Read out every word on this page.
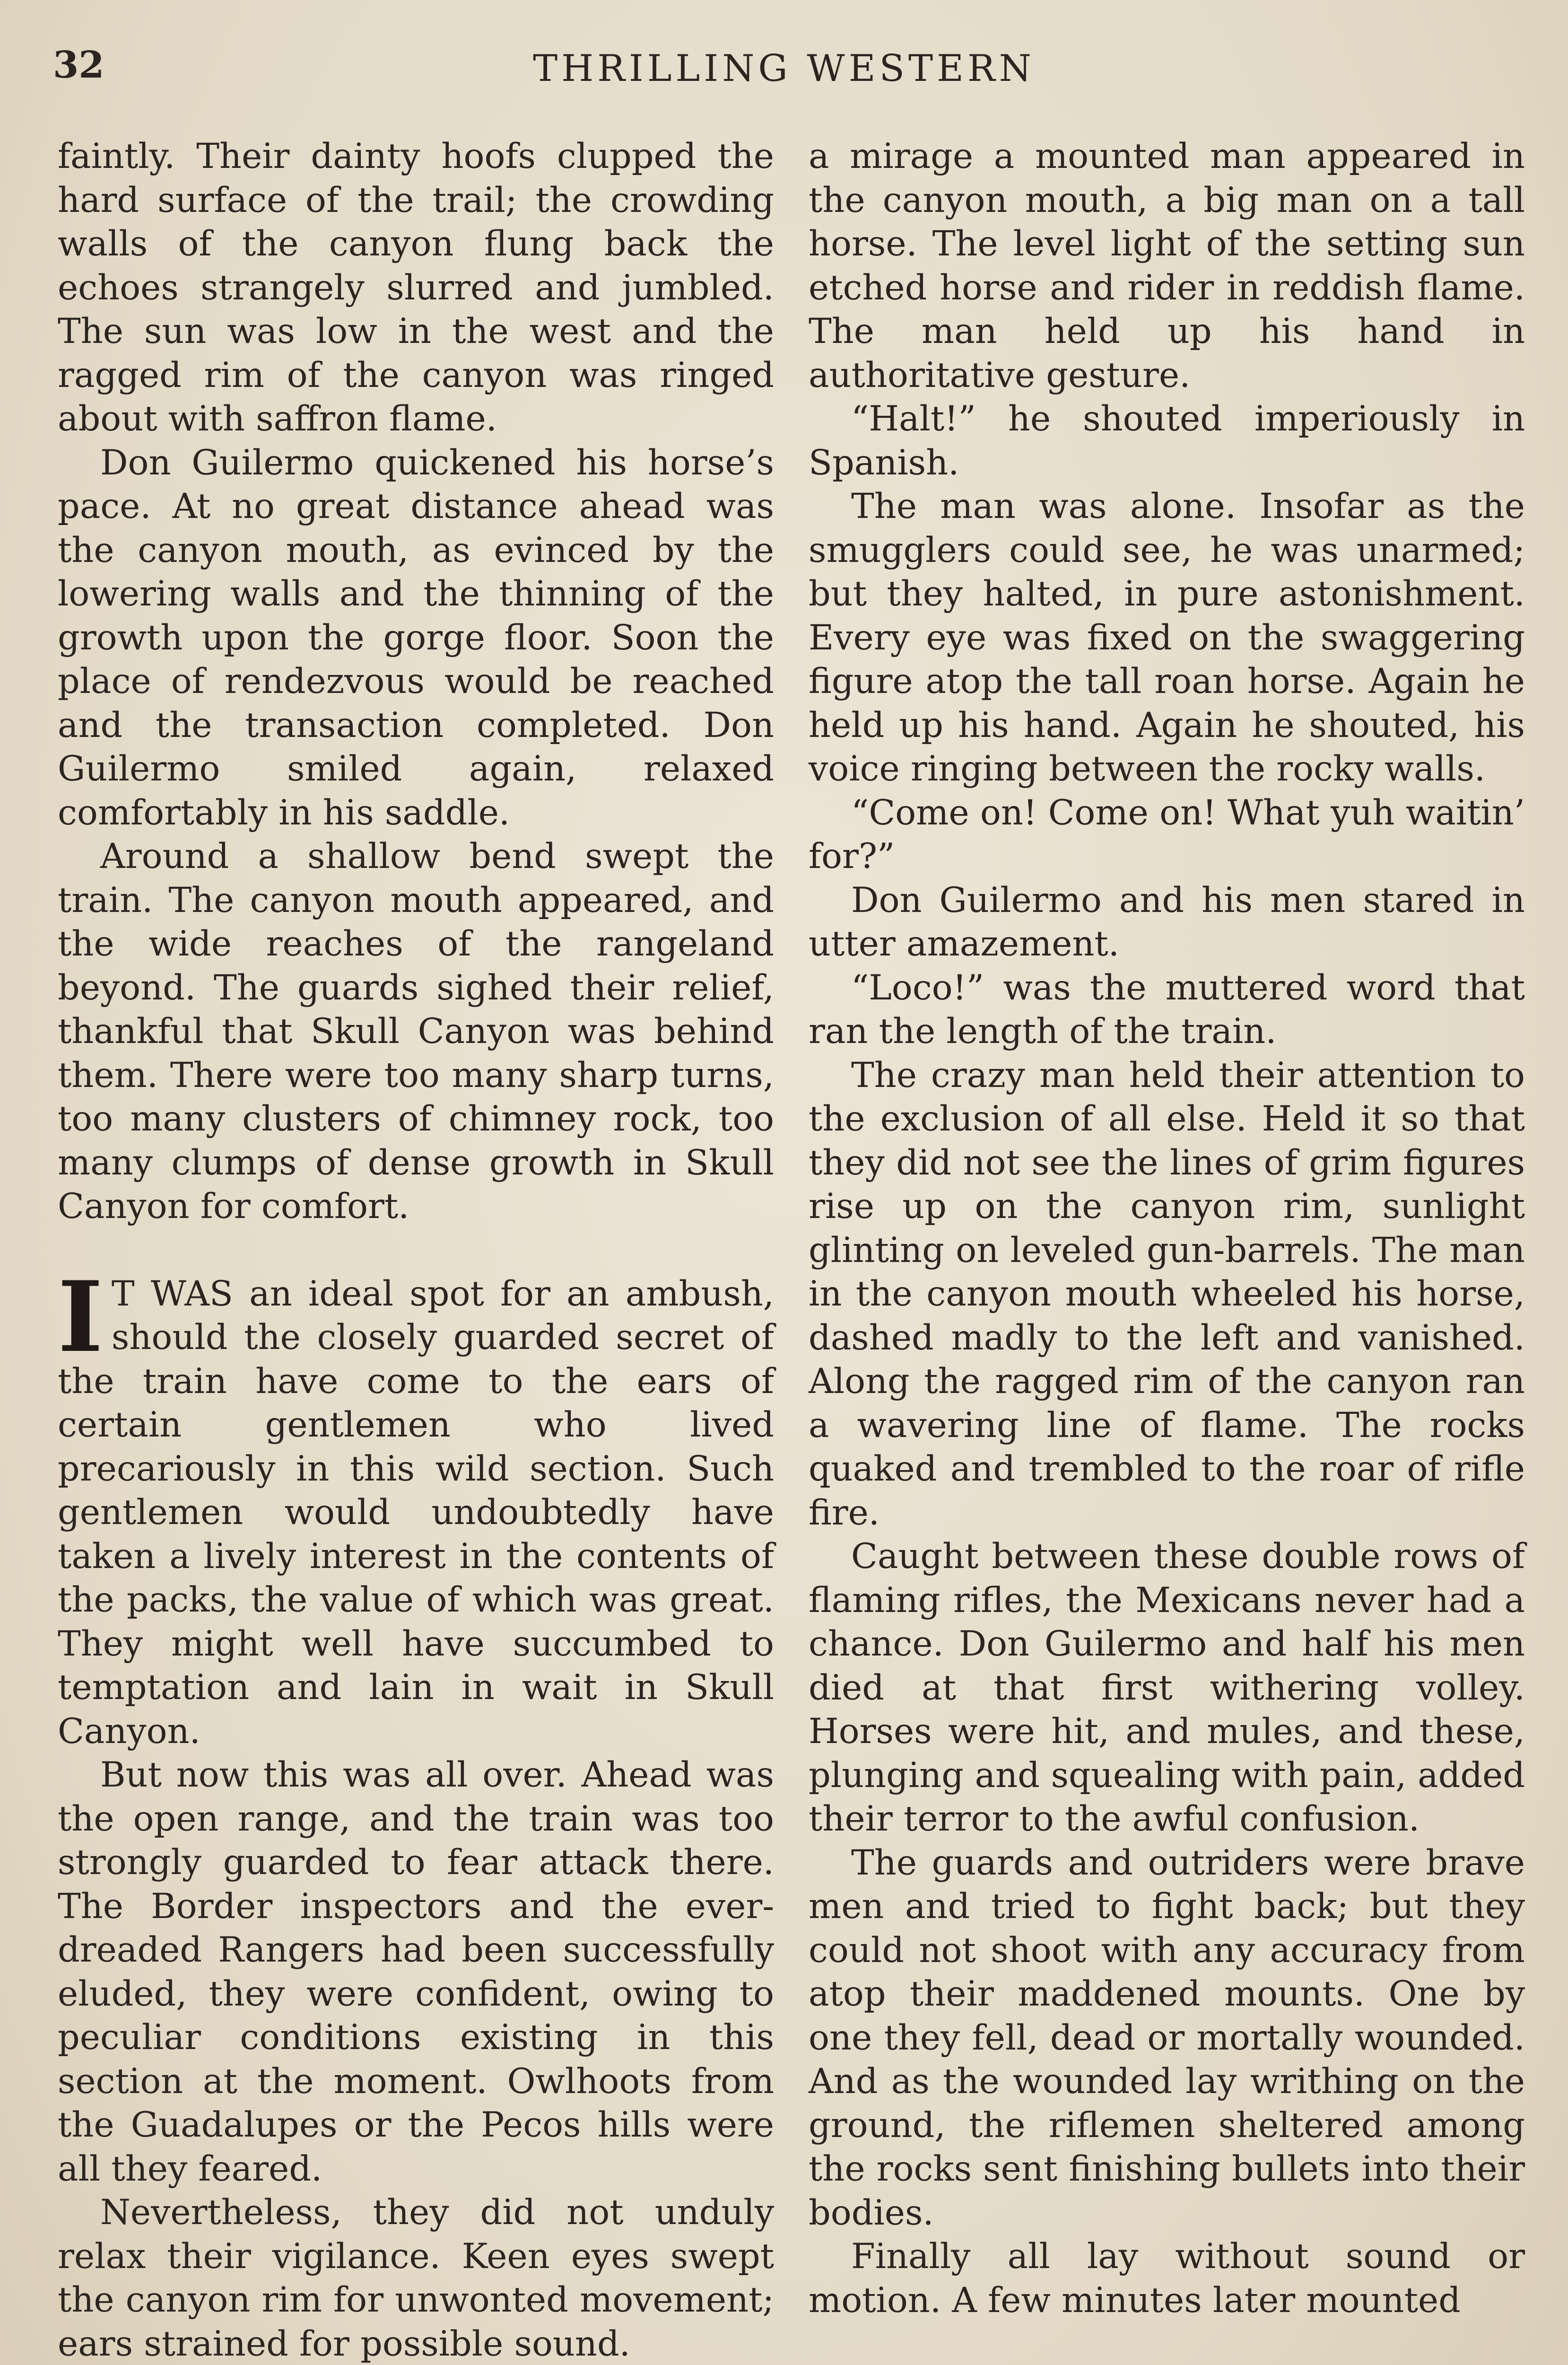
32	THRILLING WESTERN

faintly. Their dainty hoofs clupped the hard surface of the trail; the crowding walls of the canyon flung back the echoes strangely slurred and jumbled. The sun was low in the west and the ragged rim of the canyon was ringed about with saffron flame.

Don Guilermo quickened his horse’s pace. At no great distance ahead was the canyon mouth, as evinced by the lowering walls and the thinning of the growth upon the gorge floor. Soon the place of rendezvous would be reached and the transaction completed. Don Guilermo smiled again, relaxed comfortably in his saddle.

Around a shallow bend swept the train. The canyon mouth appeared, and the wide reaches of the rangeland beyond. The guards sighed their relief, thankful that Skull Canyon was behind them. There were too many sharp turns, too many clusters of chimney rock, too many clumps of dense growth in Skull Canyon for comfort.

I T WAS an ideal spot for an ambush, should the closely guarded secret of the train have come to the ears of certain gentlemen who lived precariously in this wild section. Such gentlemen would undoubtedly have taken a lively interest in the contents of the packs, the value of which was great. They might well have succumbed to temptation and lain in wait in Skull Canyon.

But now this was all over. Ahead was the open range, and the train was too strongly guarded to fear attack there. The Border inspectors and the ever-dreaded Rangers had been successfully eluded, they were confident, owing to peculiar conditions existing in this section at the moment. Owlhoots from the Guadalupes or the Pecos hills were all they feared.

Nevertheless, they did not unduly relax their vigilance. Keen eyes swept the canyon rim for unwonted movement; ears strained for possible sound.

a mirage a mounted man appeared in the canyon mouth, a big man on a tall horse. The level light of the setting sun etched horse and rider in reddish flame. The man held up his hand in authoritative gesture.

“Halt!” he shouted imperiously in Spanish.

The man was alone. Insofar as the smugglers could see, he was unarmed; but they halted, in pure astonishment. Every eye was fixed on the swaggering figure atop the tall roan horse. Again he held up his hand. Again he shouted, his voice ringing between the rocky walls.

“Come on! Come on! What yuh waitin’ for?”

Don Guilermo and his men stared in utter amazement.

“Loco!” was the muttered word that ran the length of the train.

The crazy man held their attention to the exclusion of all else. Held it so that they did not see the lines of grim figures rise up on the canyon rim, sunlight glinting on leveled gun-barrels. The man in the canyon mouth wheeled his horse, dashed madly to the left and vanished. Along the ragged rim of the canyon ran a wavering line of flame. The rocks quaked and trembled to the roar of rifle fire.

Caught between these double rows of flaming rifles, the Mexicans never had a chance. Don Guilermo and half his men died at that first withering volley. Horses were hit, and mules, and these, plunging and squealing with pain, added their terror to the awful confusion.

The guards and outriders were brave men and tried to fight back; but they could not shoot with any accuracy from atop their maddened mounts. One by one they fell, dead or mortally wounded. And as the wounded lay writhing on the ground, the riflemen sheltered among the rocks sent finishing bullets into their bodies.

Finally all lay without sound or motion. A few minutes later mounted
